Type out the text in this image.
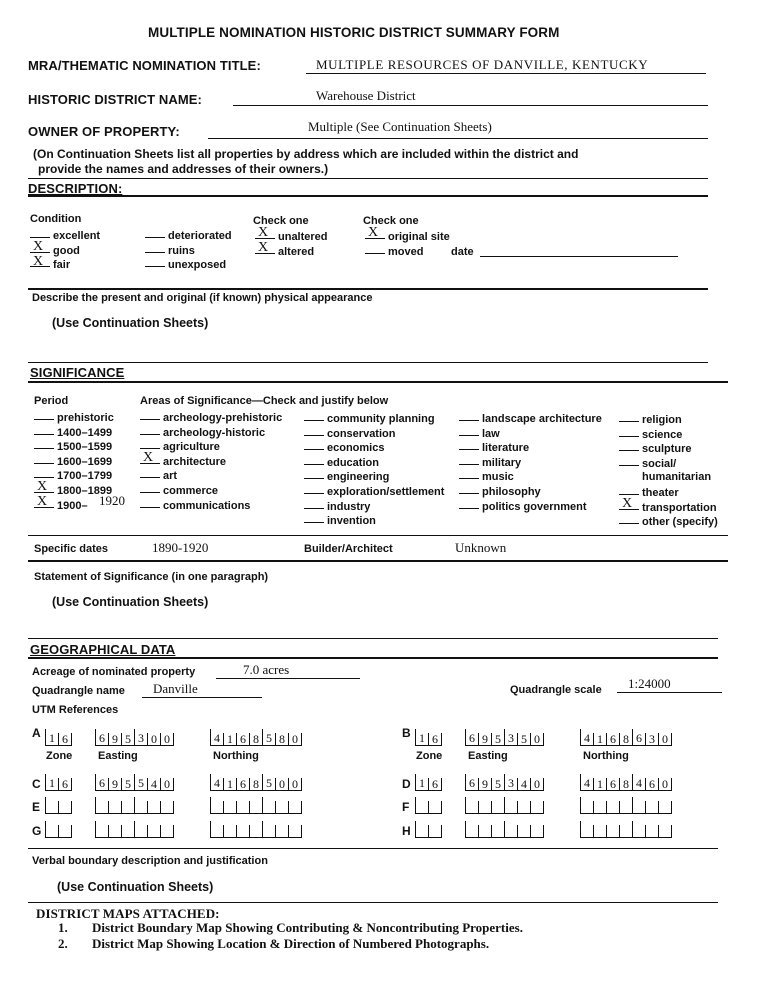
MULTIPLE NOMINATION HISTORIC DISTRICT SUMMARY FORM
MRA/THEMATIC NOMINATION TITLE:	MULTIPLE RESOURCES OF DANVILLE, KENTUCKY
HISTORIC DISTRICT NAME:	Warehouse District
OWNER OF PROPERTY:	Multiple (See Continuation Sheets)
(On Continuation Sheets list all properties by address which are included within the district and
provide the names and addresses of their owners.)
DESCRIPTION:
Condition
excellent
X good
X fair
deteriorated
ruins
unexposed
Check one
X unaltered
X altered
Check one
X original site
moved	date
Describe the present and original (if known) physical appearance
(Use Continuation Sheets)
SIGNIFICANCE
Period	Areas of Significance—Check and justify below
prehistoric
1400–1499
1500–1599
1600–1699
1700–1799
X 1800–1899
X 1900– 1920
archeology-prehistoric
archeology-historic
agriculture
X architecture
art
commerce
communications
community planning
conservation
economics
education
engineering
exploration/settlement
industry
invention
landscape architecture
law
literature
military
music
philosophy
politics government
religion
science
sculpture
social/
humanitarian
theater
X transportation
other (specify)
Specific dates	1890-1920	Builder/Architect	Unknown
Statement of Significance (in one paragraph)
(Use Continuation Sheets)
GEOGRAPHICAL DATA
Acreage of nominated property	7.0 acres
Quadrangle name Danville	Quadrangle scale 1:24000
UTM References
A 1 6	6 9 5 3 0 0	4 1 6 8 5 8 0
Zone Easting	Northing
B 1 6	6 9 5 3 5 0	4 1 6 8 6 3 0
Zone Easting	Northing
C 1 6	6 9 5 5 4 0	4 1 6 8 5 0 0	D 1 6	6 9 5 3 4 0	4 1 6 8 4 6 0
E	F
G	H
Verbal boundary description and justification
(Use Continuation Sheets)
DISTRICT MAPS ATTACHED:
1. District Boundary Map Showing Contributing & Noncontributing Properties.
2. District Map Showing Location & Direction of Numbered Photographs.
